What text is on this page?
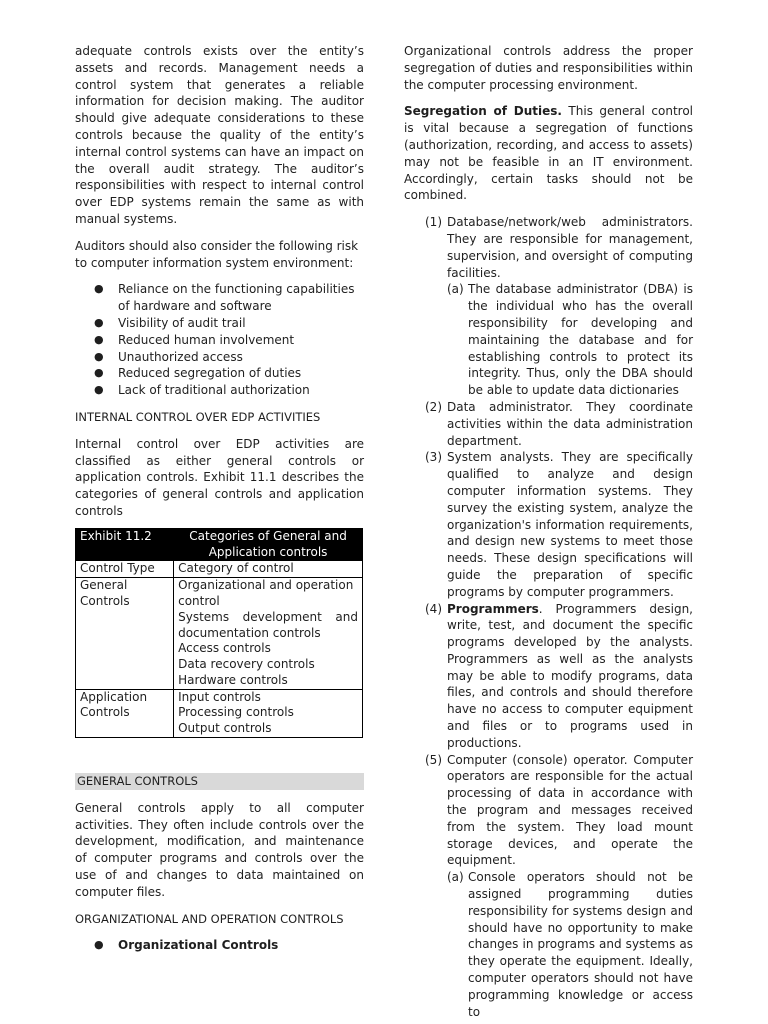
adequate controls exists over the entity’s assets and records. Management needs a control system that generates a reliable information for decision making. The auditor should give adequate considerations to these controls because the quality of the entity’s internal control systems can have an impact on the overall audit strategy. The auditor’s responsibilities with respect to internal control over EDP systems remain the same as with manual systems.

Auditors should also consider the following risk to computer information system environment:

● Reliance on the functioning capabilities of hardware and software
● Visibility of audit trail
● Reduced human involvement
● Unauthorized access
● Reduced segregation of duties
● Lack of traditional authorization
INTERNAL CONTROL OVER EDP ACTIVITIES

Internal control over EDP activities are classified as either general controls or application controls. Exhibit 11.1 describes the categories of general controls and application controls

Exhibit 11.2	Categories of General and Application controls
Control Type	Category of control
General Controls	Organizational and operation control
Systems development and documentation controls
Access controls
Data recovery controls
Hardware controls

Application Controls	Input controls
Processing controls
Output controls
GENERAL CONTROLS

General controls apply to all computer activities. They often include controls over the development, modification, and maintenance of computer programs and controls over the use of and changes to data maintained on computer files.

ORGANIZATIONAL AND OPERATION CONTROLS
● Organizational Controls

Organizational controls address the proper segregation of duties and responsibilities within the computer processing environment.

Segregation of Duties. This general control is vital because a segregation of functions (authorization, recording, and access to assets) may not be feasible in an IT environment. Accordingly, certain tasks should not be combined.

(1) Database/network/web administrators. They are responsible for management, supervision, and oversight of computing facilities.
(a) The database administrator (DBA) is the individual who has the overall responsibility for developing and maintaining the database and for establishing controls to protect its integrity. Thus, only the DBA should be able to update data dictionaries
(2) Data administrator. They coordinate activities within the data administration department.
(3) System analysts. They are specifically qualified to analyze and design computer information systems. They survey the existing system, analyze the organization's information requirements, and design new systems to meet those needs. These design specifications will guide the preparation of specific programs by computer programmers.
(4) Programmers. Programmers design, write, test, and document the specific programs developed by the analysts. Programmers as well as the analysts may be able to modify programs, data files, and controls and should therefore have no access to computer equipment and files or to programs used in productions.
(5) Computer (console) operator. Computer operators are responsible for the actual processing of data in accordance with the program and messages received from the system. They load mount storage devices, and operate the equipment.
(a) Console operators should not be assigned programming duties responsibility for systems design and should have no opportunity to make changes in programs and systems as they operate the equipment. Ideally, computer operators should not have programming knowledge or access to
